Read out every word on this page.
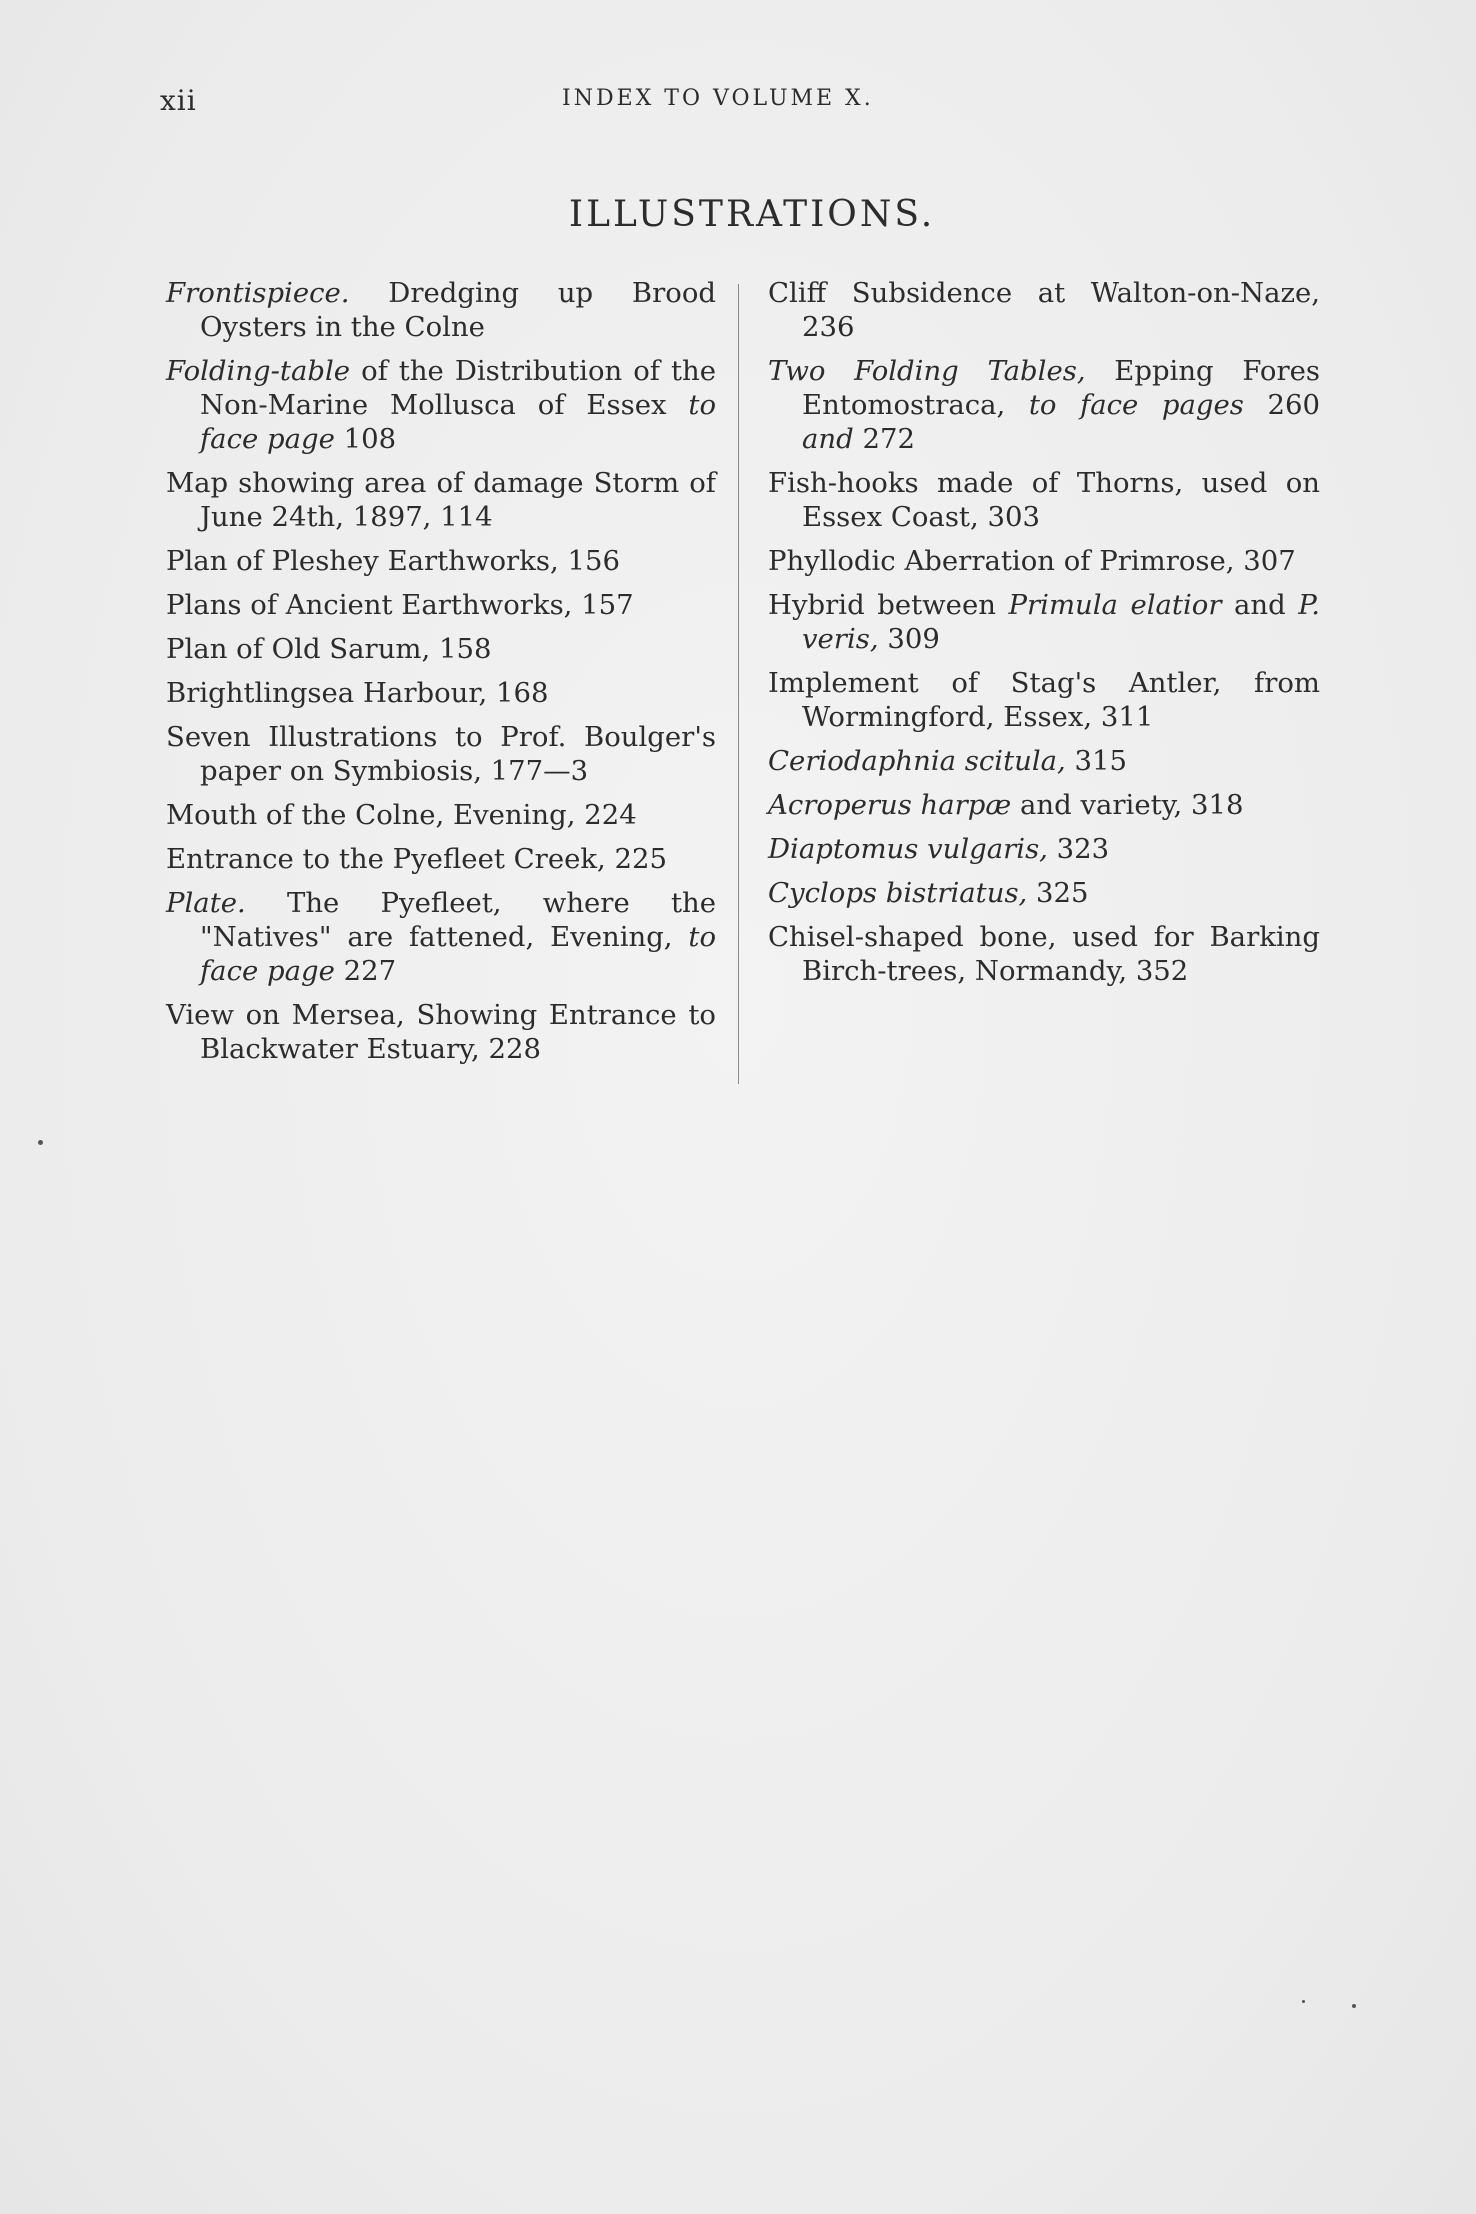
xii	INDEX TO VOLUME X.
ILLUSTRATIONS.

Frontispiece. Dredging up Brood Oysters in the Colne

Folding-table of the Distribution of the Non-Marine Mollusca of Essex to face page 108

Map showing area of damage Storm of June 24th, 1897, 114

Plan of Pleshey Earthworks, 156

Plans of Ancient Earthworks, 157

Plan of Old Sarum, 158

Brightlingsea Harbour, 168

Seven Illustrations to Prof. Boulger's paper on Symbiosis, 177—3

Mouth of the Colne, Evening, 224

Entrance to the Pyefleet Creek, 225

Plate. The Pyefleet, where the "Natives" are fattened, Evening, to face page 227

View on Mersea, Showing Entrance to Blackwater Estuary, 228

Cliff Subsidence at Walton-on-Naze, 236

Two Folding Tables, Epping Fores Entomostraca, to face pages 260 and 272

Fish-hooks made of Thorns, used on Essex Coast, 303

Phyllodic Aberration of Primrose, 307

Hybrid between Primula elatior and P. veris, 309

Implement of Stag's Antler, from Wormingford, Essex, 311

Ceriodaphnia scitula, 315

Acroperus harpæ and variety, 318

Diaptomus vulgaris, 323

Cyclops bistriatus, 325

Chisel-shaped bone, used for Barking Birch-trees, Normandy, 352
